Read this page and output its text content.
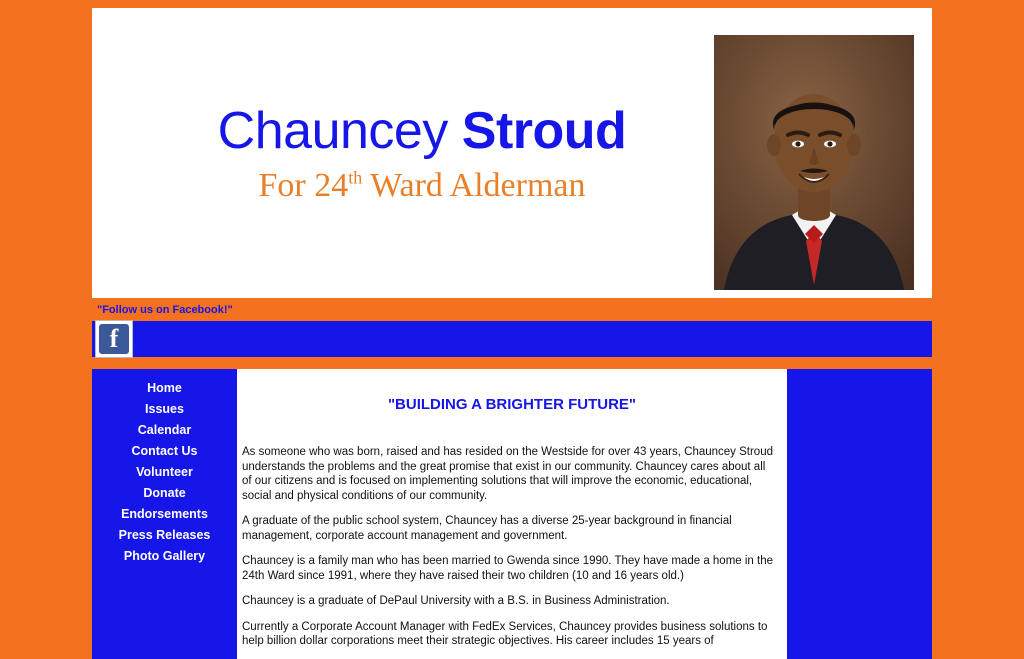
Chauncey Stroud
For 24th Ward Alderman
"Follow us on Facebook!"
f
Home
Issues
Calendar
Contact Us
Volunteer
Donate
Endorsements
Press Releases
Photo Gallery
"BUILDING A BRIGHTER FUTURE"

As someone who was born, raised and has resided on the Westside for over 43 years, Chauncey Stroud understands the problems and the great promise that exist in our community. Chauncey cares about all of our citizens and is focused on implementing solutions that will improve the economic, educational, social and physical conditions of our community.

A graduate of the public school system, Chauncey has a diverse 25-year background in financial management, corporate account management and government.

Chauncey is a family man who has been married to Gwenda since 1990. They have made a home in the 24th Ward since 1991, where they have raised their two children (10 and 16 years old.)

Chauncey is a graduate of DePaul University with a B.S. in Business Administration.

Currently a Corporate Account Manager with FedEx Services, Chauncey provides business solutions to help billion dollar corporations meet their strategic objectives. His career includes 15 years of
